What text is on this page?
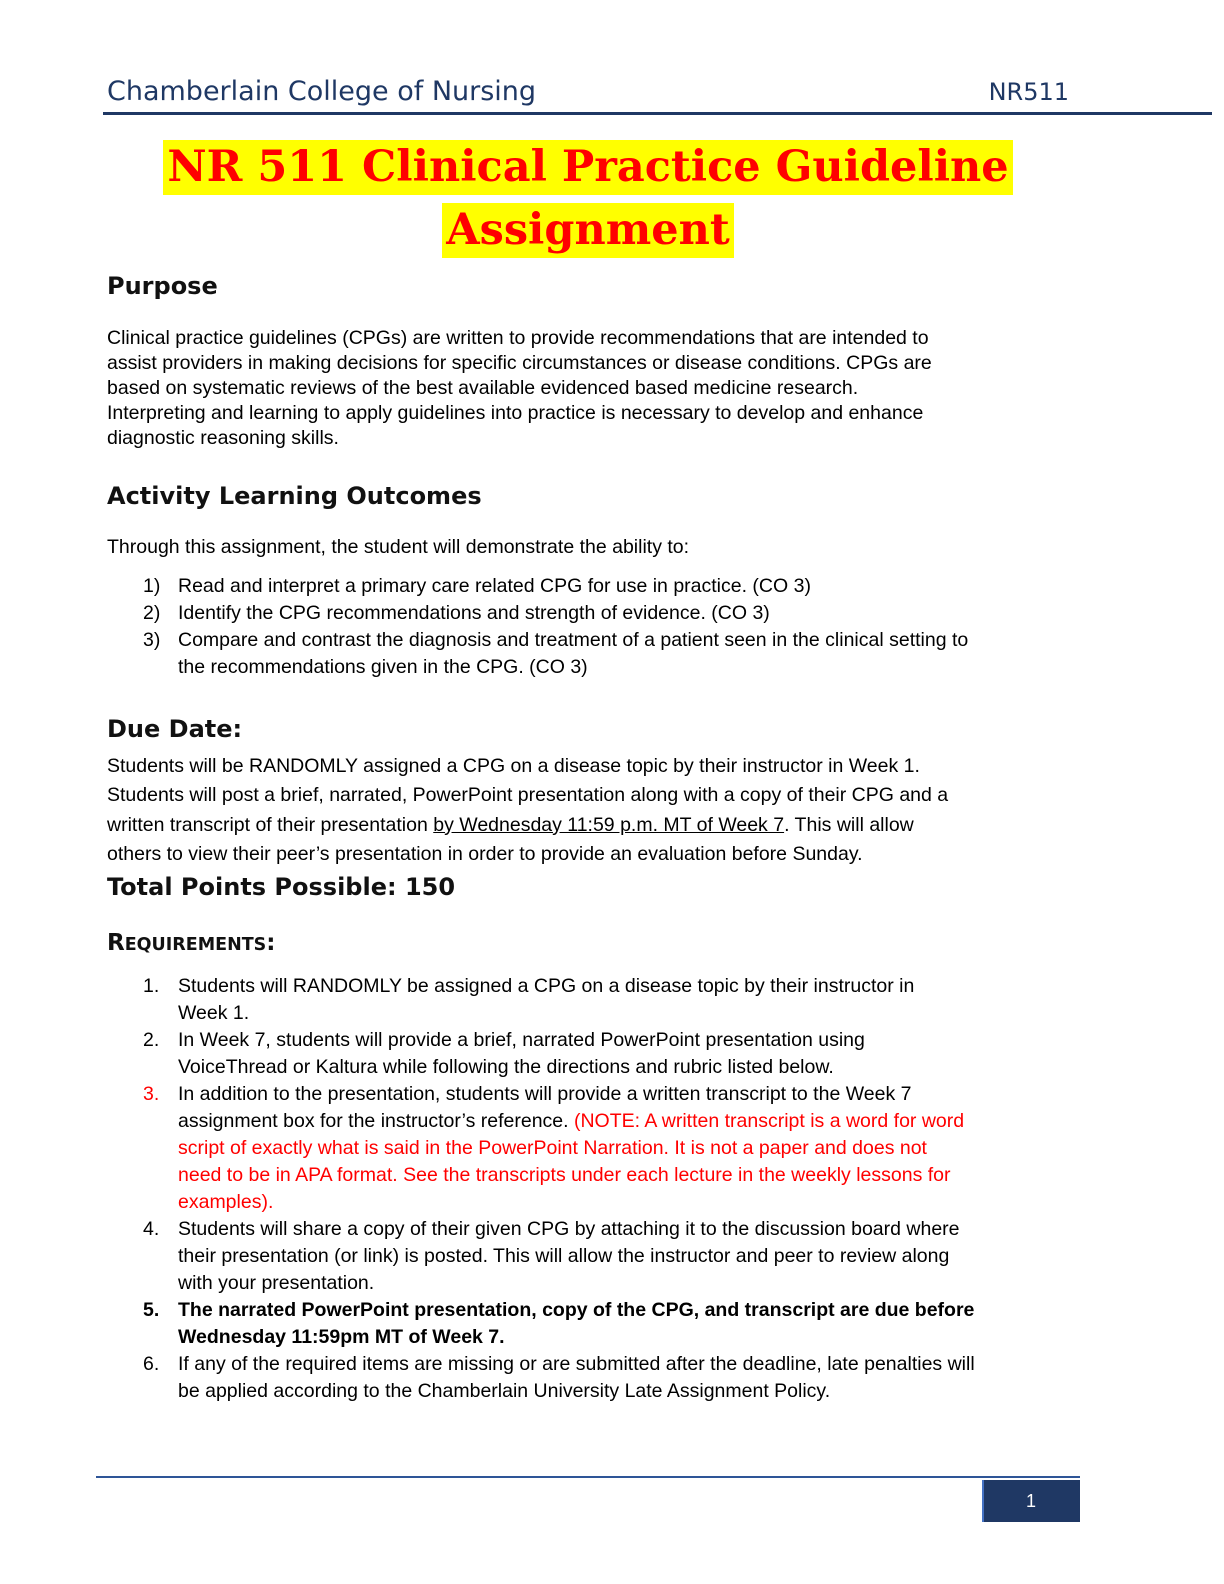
Chamberlain College of Nursing	NR511
NR 511 Clinical Practice Guideline
Assignment
Purpose
Clinical practice guidelines (CPGs) are written to provide recommendations that are intended to
assist providers in making decisions for specific circumstances or disease conditions. CPGs are
based on systematic reviews of the best available evidenced based medicine research.
Interpreting and learning to apply guidelines into practice is necessary to develop and enhance
diagnostic reasoning skills.
Activity Learning Outcomes
Through this assignment, the student will demonstrate the ability to:
1) Read and interpret a primary care related CPG for use in practice. (CO 3)
2) Identify the CPG recommendations and strength of evidence. (CO 3)
3) Compare and contrast the diagnosis and treatment of a patient seen in the clinical setting to
the recommendations given in the CPG. (CO 3)
Due Date:
Students will be RANDOMLY assigned a CPG on a disease topic by their instructor in Week 1.
Students will post a brief, narrated, PowerPoint presentation along with a copy of their CPG and a
written transcript of their presentation by Wednesday 11:59 p.m. MT of Week 7. This will allow
others to view their peer’s presentation in order to provide an evaluation before Sunday.
Total Points Possible: 150
REQUIREMENTS:
1. Students will RANDOMLY be assigned a CPG on a disease topic by their instructor in
Week 1.
2. In Week 7, students will provide a brief, narrated PowerPoint presentation using
VoiceThread or Kaltura while following the directions and rubric listed below.
3. In addition to the presentation, students will provide a written transcript to the Week 7
assignment box for the instructor’s reference. (NOTE: A written transcript is a word for word
script of exactly what is said in the PowerPoint Narration. It is not a paper and does not
need to be in APA format. See the transcripts under each lecture in the weekly lessons for
examples).
4. Students will share a copy of their given CPG by attaching it to the discussion board where
their presentation (or link) is posted. This will allow the instructor and peer to review along
with your presentation.
5. The narrated PowerPoint presentation, copy of the CPG, and transcript are due before
Wednesday 11:59pm MT of Week 7.
6. If any of the required items are missing or are submitted after the deadline, late penalties will
be applied according to the Chamberlain University Late Assignment Policy.
1
